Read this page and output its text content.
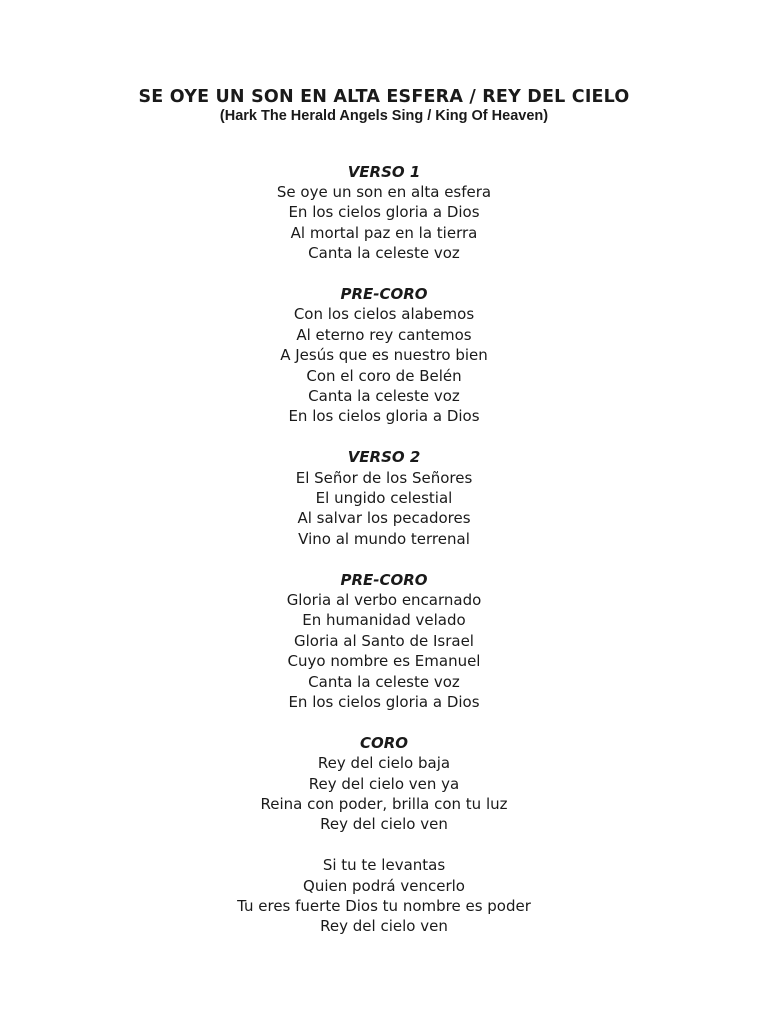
SE OYE UN SON EN ALTA ESFERA / REY DEL CIELO
(Hark The Herald Angels Sing / King Of Heaven)
VERSO 1
Se oye un son en alta esfera
En los cielos gloria a Dios
Al mortal paz en la tierra
Canta la celeste voz
PRE-CORO
Con los cielos alabemos
Al eterno rey cantemos
A Jesús que es nuestro bien
Con el coro de Belén
Canta la celeste voz
En los cielos gloria a Dios
VERSO 2
El Señor de los Señores
El ungido celestial
Al salvar los pecadores
Vino al mundo terrenal
PRE-CORO
Gloria al verbo encarnado
En humanidad velado
Gloria al Santo de Israel
Cuyo nombre es Emanuel
Canta la celeste voz
En los cielos gloria a Dios
CORO
Rey del cielo baja
Rey del cielo ven ya
Reina con poder, brilla con tu luz
Rey del cielo ven
Si tu te levantas
Quien podrá vencerlo
Tu eres fuerte Dios tu nombre es poder
Rey del cielo ven
